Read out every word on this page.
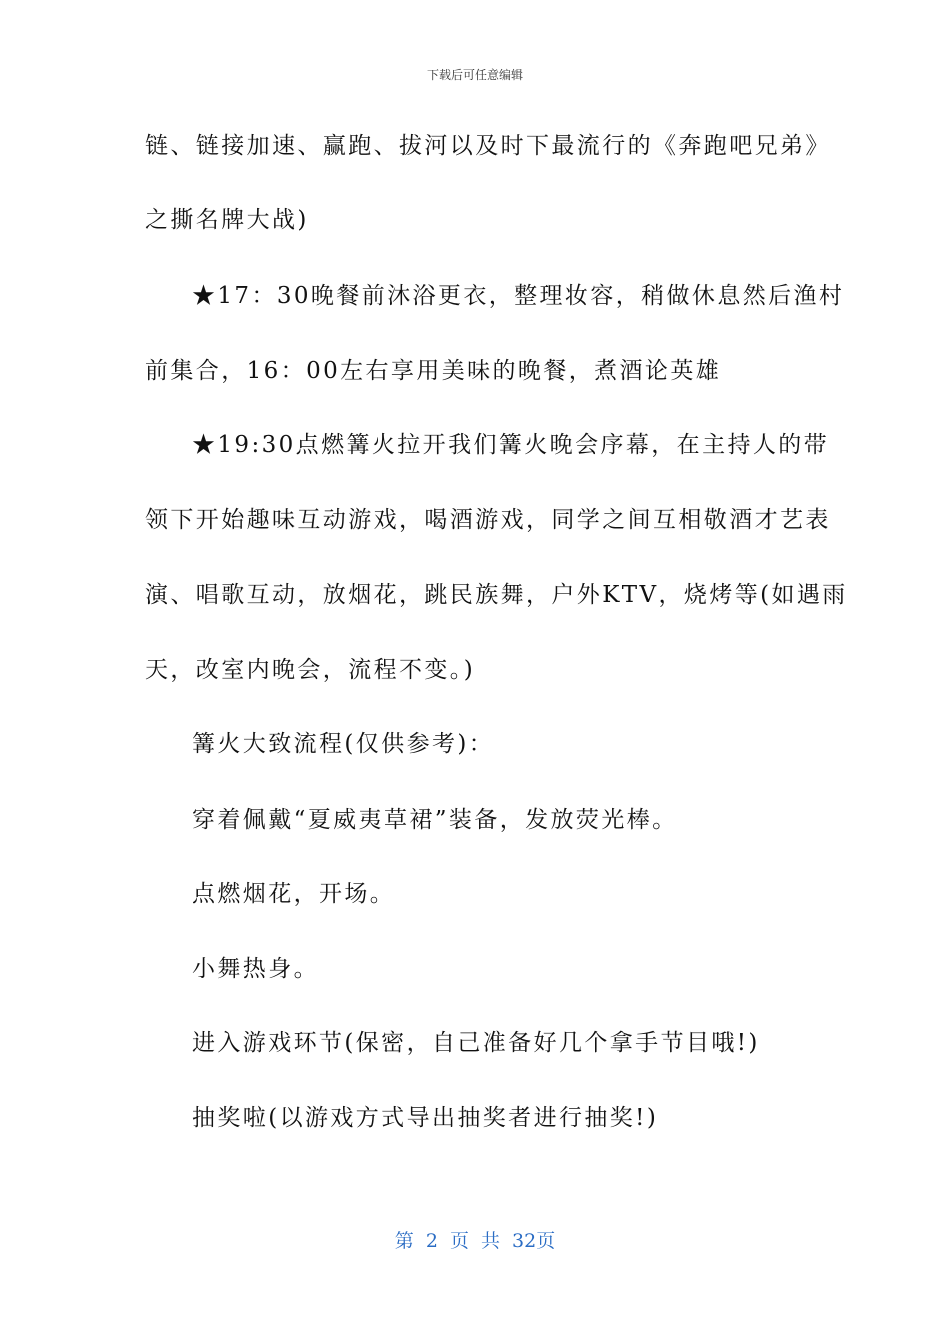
下载后可任意编辑
链、链接加速、赢跑、拔河以及时下最流行的《奔跑吧兄弟》
之撕名牌大战)
★17：30晚餐前沐浴更衣，整理妆容，稍做休息然后渔村
前集合，16：00左右享用美味的晚餐，煮酒论英雄
★19:30点燃篝火拉开我们篝火晚会序幕，在主持人的带
领下开始趣味互动游戏，喝酒游戏，同学之间互相敬酒才艺表
演、唱歌互动，放烟花，跳民族舞，户外KTV，烧烤等(如遇雨
天，改室内晚会，流程不变。)
篝火大致流程(仅供参考)：
穿着佩戴“夏威夷草裙”装备，发放荧光棒。
点燃烟花，开场。
小舞热身。
进入游戏环节(保密，自己准备好几个拿手节目哦!)
抽奖啦(以游戏方式导出抽奖者进行抽奖!)
第 2 页 共 32页
